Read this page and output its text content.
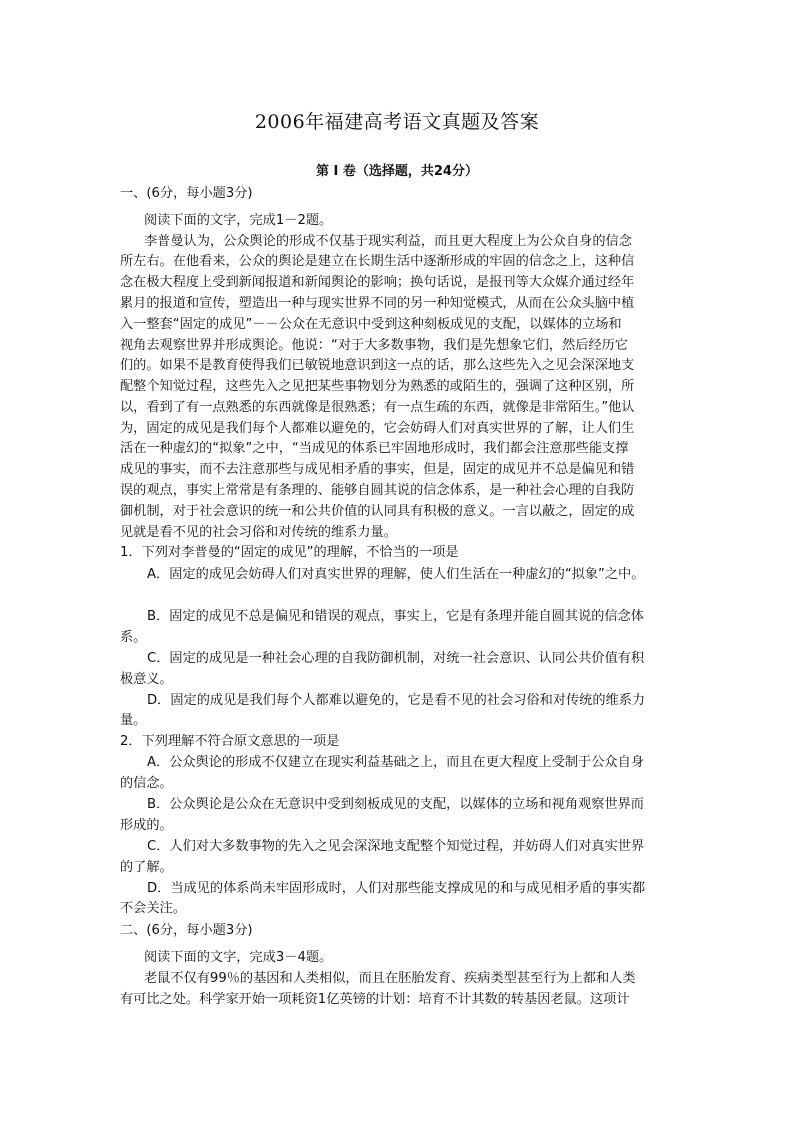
2006年福建高考语文真题及答案
第 I 卷（选择题，共24分）
一、(6分，每小题3分)
阅读下面的文字，完成1－2题。
李普曼认为，公众舆论的形成不仅基于现实利益，而且更大程度上为公众自身的信念
所左右。在他看来，公众的舆论是建立在长期生活中逐渐形成的牢固的信念之上，这种信
念在极大程度上受到新闻报道和新闻舆论的影响；换句话说，是报刊等大众媒介通过经年
累月的报道和宣传，塑造出一种与现实世界不同的另一种知觉模式，从而在公众头脑中植
入一整套“固定的成见”－－公众在无意识中受到这种刻板成见的支配，以媒体的立场和
视角去观察世界并形成舆论。他说：“对于大多数事物，我们是先想象它们，然后经历它
们的。如果不是教育使得我们已敏锐地意识到这一点的话，那么这些先入之见会深深地支
配整个知觉过程，这些先入之见把某些事物划分为熟悉的或陌生的，强调了这种区别，所
以，看到了有一点熟悉的东西就像是很熟悉；有一点生疏的东西，就像是非常陌生。”他认
为，固定的成见是我们每个人都难以避免的，它会妨碍人们对真实世界的了解，让人们生
活在一种虚幻的“拟象”之中，“当成见的体系已牢固地形成时，我们都会注意那些能支撑
成见的事实，而不去注意那些与成见相矛盾的事实，但是，固定的成见并不总是偏见和错
误的观点，事实上常常是有条理的、能够自圆其说的信念体系，是一种社会心理的自我防
御机制，对于社会意识的统一和公共价值的认同具有积极的意义。一言以蔽之，固定的成
见就是看不见的社会习俗和对传统的维系力量。
1．下列对李普曼的“固定的成见”的理解，不恰当的一项是
A．固定的成见会妨碍人们对真实世界的理解，使人们生活在一种虚幻的“拟象”之中。
B．固定的成见不总是偏见和错误的观点，事实上，它是有条理并能自圆其说的信念体
系。
C．固定的成见是一种社会心理的自我防御机制，对统一社会意识、认同公共价值有积
极意义。
D．固定的成见是我们每个人都难以避免的，它是看不见的社会习俗和对传统的维系力
量。
2．下列理解不符合原文意思的一项是
A．公众舆论的形成不仅建立在现实利益基础之上，而且在更大程度上受制于公众自身
的信念。
B．公众舆论是公众在无意识中受到刻板成见的支配，以媒体的立场和视角观察世界而
形成的。
C．人们对大多数事物的先入之见会深深地支配整个知觉过程，并妨碍人们对真实世界
的了解。
D．当成见的体系尚未牢固形成时，人们对那些能支撑成见的和与成见相矛盾的事实都
不会关注。
二、(6分，每小题3分)
阅读下面的文字，完成3－4题。
老鼠不仅有99％的基因和人类相似，而且在胚胎发育、疾病类型甚至行为上都和人类
有可比之处。科学家开始一项耗资1亿英镑的计划：培育不计其数的转基因老鼠。这项计
